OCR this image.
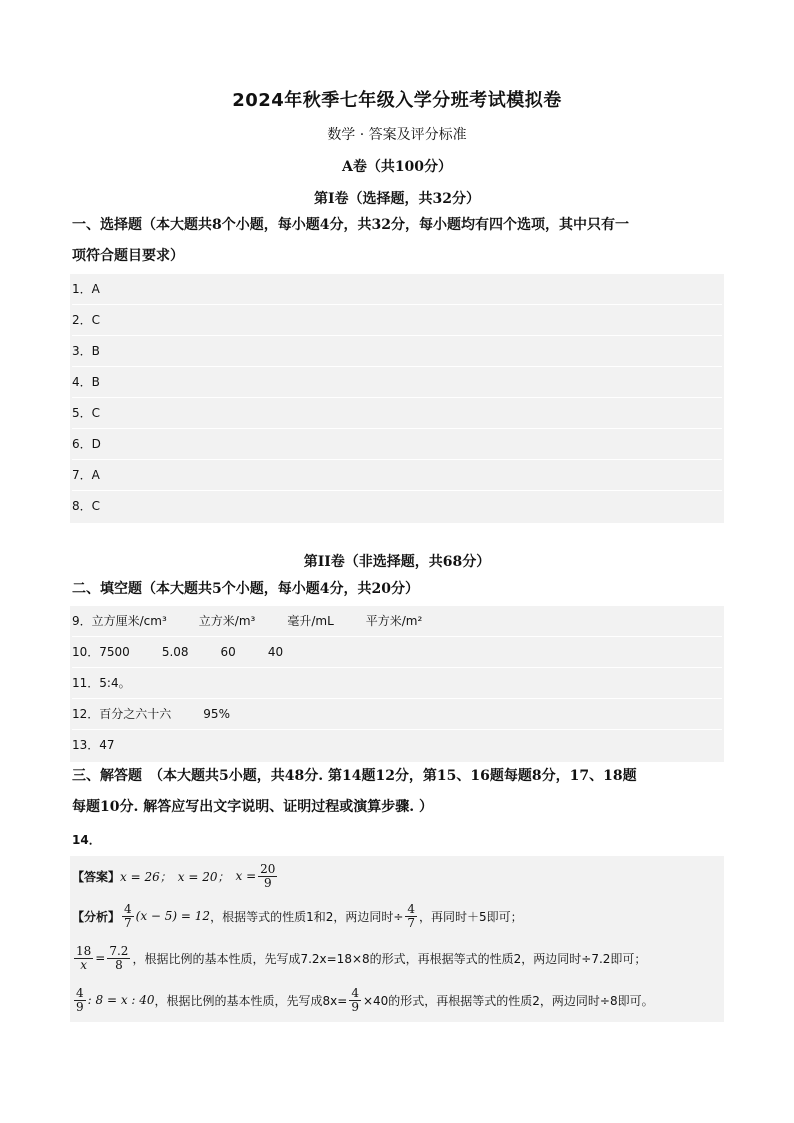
2024年秋季七年级入学分班考试模拟卷
数学 · 答案及评分标准
A卷（共100分）
第I卷（选择题，共32分）
一、选择题（本大题共8个小题，每小题4分，共32分，每小题均有四个选项，其中只有一
项符合题目要求）
1．A
2．C
3．B
4．B
5．C
6．D
7．A
8．C
第II卷（非选择题，共68分）
二、填空题（本大题共5个小题，每小题4分，共20分）
9．立方厘米/cm³	立方米/m³	毫升/mL	平方米/m²
10．7500	5.08	60	40
11．5:4。
12．百分之六十六	95%
13．47
三、解答题　（本大题共5小题，共48分. 第14题12分，第15、16题每题8分，17、18题
每题10分. 解答应写出文字说明、证明过程或演算步骤. ）
14．
【答案】 x = 26； x = 20； $x = \frac{20}{9}$
【分析】 $\frac{4}{7} (x - 5) = 12$ ，根据等式的性质1和2，两边同时÷ $\frac{4}{7}$ ，再同时＋5即可；
$\frac{18}{x} = \frac{7.2}{8}$ ，根据比例的基本性质，先写成7.2x=18×8的形式，再根据等式的性质2，两边同时÷7.2即可；
$\frac{4}{9}$ : 8 = x : 40 ，根据比例的基本性质，先写成$8x= \frac{4}{9} \times 40$的形式，再根据等式的性质2，两边同时÷8即可。
